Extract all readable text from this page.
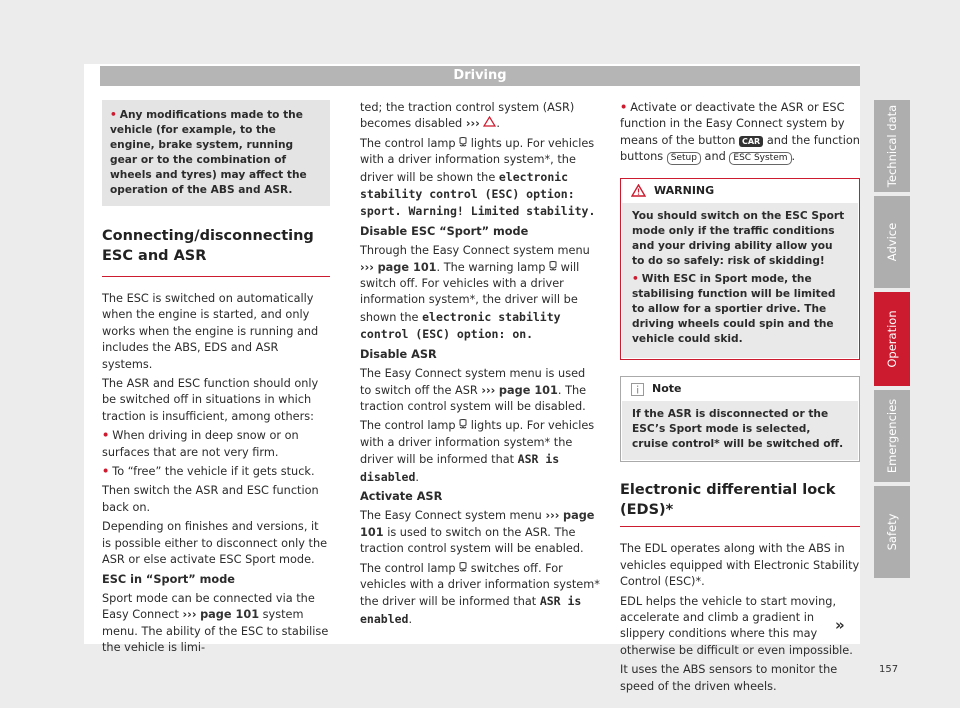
Driving
• Any modifications made to the vehicle (for example, to the engine, brake system, running gear or to the combination of wheels and tyres) may affect the operation of the ABS and ASR.
Connecting/disconnecting ESC and ASR

The ESC is switched on automatically when the engine is started, and only works when the engine is running and includes the ABS, EDS and ASR systems.

The ASR and ESC function should only be switched off in situations in which traction is insufficient, among others:

• When driving in deep snow or on surfaces that are not very firm.

• To “free” the vehicle if it gets stuck.

Then switch the ASR and ESC function back on.

Depending on finishes and versions, it is possible either to disconnect only the ASR or else activate ESC Sport mode.

ESC in “Sport” mode

Sport mode can be connected via the Easy Connect ››› page 101 system menu. The ability of the ESC to stabilise the vehicle is limi-

ted; the traction control system (ASR) becomes disabled ››› .

The control lamp lights up. For vehicles with a driver information system*, the driver will be shown the electronic stability control (ESC) option: sport. Warning! Limited stability.

Disable ESC “Sport” mode

Through the Easy Connect system menu ››› page 101. The warning lamp will switch off. For vehicles with a driver information system*, the driver will be shown the electronic stability control (ESC) option: on.

Disable ASR

The Easy Connect system menu is used to switch off the ASR ››› page 101. The traction control system will be disabled.

The control lamp lights up. For vehicles with a driver information system* the driver will be informed that ASR is disabled.

Activate ASR

The Easy Connect system menu ››› page 101 is used to switch on the ASR. The traction control system will be enabled.

The control lamp switches off. For vehicles with a driver information system* the driver will be informed that ASR is enabled.

• Activate or deactivate the ASR or ESC function in the Easy Connect system by means of the button CAR and the function buttons Setup and ESC System .

WARNING

You should switch on the ESC Sport mode only if the traffic conditions and your driving ability allow you to do so safely: risk of skidding!

• With ESC in Sport mode, the stabilising function will be limited to allow for a sportier drive. The driving wheels could spin and the vehicle could skid.

Note
If the ASR is disconnected or the ESC’s Sport mode is selected, cruise control* will be switched off.
Electronic differential lock (EDS)*

The EDL operates along with the ABS in vehicles equipped with Electronic Stability Control (ESC)*.

EDL helps the vehicle to start moving, accelerate and climb a gradient in slippery conditions where this may otherwise be difficult or even impossible.

It uses the ABS sensors to monitor the speed of the driven wheels.

»
Technical data
Advice
Operation
Emergencies
Safety
157
